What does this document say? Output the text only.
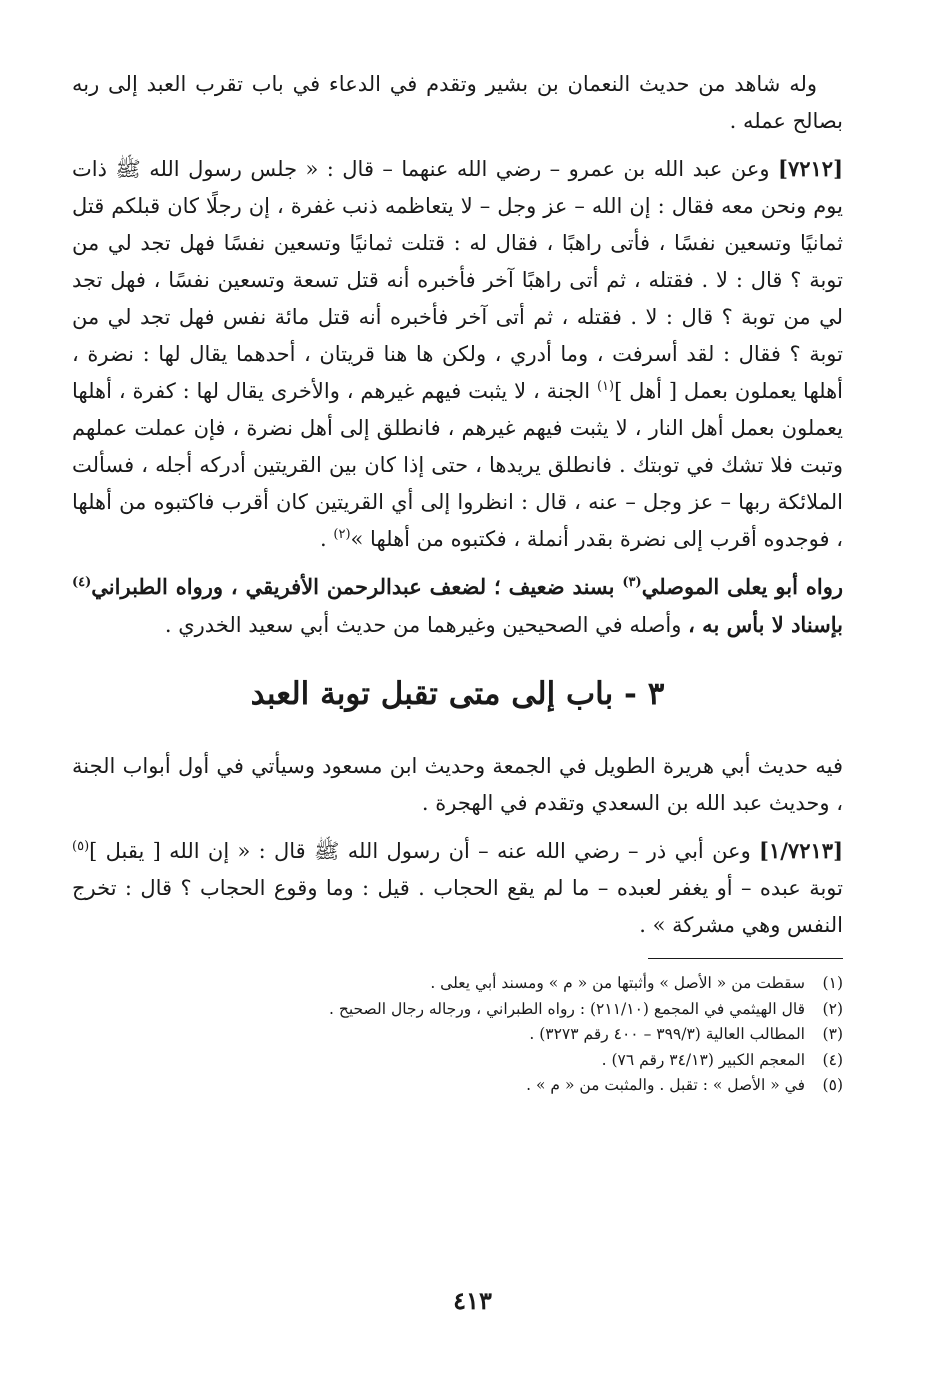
وله شاهد من حديث النعمان بن بشير وتقدم في الدعاء في باب تقرب العبد إلى ربه بصالح عمله .

[٧٢١٢] وعن عبد الله بن عمرو – رضي الله عنهما – قال : « جلس رسول الله ﷺ ذات يوم ونحن معه فقال : إن الله – عز وجل – لا يتعاظمه ذنب غفرة ، إن رجلًا كان قبلكم قتل ثمانيًا وتسعين نفسًا ، فأتى راهبًا ، فقال له : قتلت ثمانيًا وتسعين نفسًا فهل تجد لي من توبة ؟ قال : لا . فقتله ، ثم أتى راهبًا آخر فأخبره أنه قتل تسعة وتسعين نفسًا ، فهل تجد لي من توبة ؟ قال : لا . فقتله ، ثم أتى آخر فأخبره أنه قتل مائة نفس فهل تجد لي من توبة ؟ فقال : لقد أسرفت ، وما أدري ، ولكن ها هنا قريتان ، أحدهما يقال لها : نضرة ، أهلها يعملون بعمل [ أهل ]$^{(١)}$ الجنة ، لا يثبت فيهم غيرهم ، والأخرى يقال لها : كفرة ، أهلها يعملون بعمل أهل النار ، لا يثبت فيهم غيرهم ، فانطلق إلى أهل نضرة ، فإن عملت عملهم وتبت فلا تشك في توبتك . فانطلق يريدها ، حتى إذا كان بين القريتين أدركه أجله ، فسألت الملائكة ربها – عز وجل – عنه ، قال : انظروا إلى أي القريتين كان أقرب فاكتبوه من أهلها ، فوجدوه أقرب إلى نضرة بقدر أنملة ، فكتبوه من أهلها »$^{(٢)}$ .

رواه أبو يعلى الموصلي$^{(٣)}$ بسند ضعيف ؛ لضعف عبدالرحمن الأفريقي ، ورواه الطبراني$^{(٤)}$ بإسناد لا بأس به ، وأصله في الصحيحين وغيرهما من حديث أبي سعيد الخدري .

٣ - باب إلى متى تقبل توبة العبد

فيه حديث أبي هريرة الطويل في الجمعة وحديث ابن مسعود وسيأتي في أول أبواب الجنة ، وحديث عبد الله بن السعدي وتقدم في الهجرة .

[١/٧٢١٣] وعن أبي ذر – رضي الله عنه – أن رسول الله ﷺ قال : « إن الله [ يقبل ]$^{(٥)}$ توبة عبده – أو يغفر لعبده – ما لم يقع الحجاب . قيل : وما وقوع الحجاب ؟ قال : تخرج النفس وهي مشركة » .

(١)
سقطت من « الأصل » وأثبتها من « م » ومسند أبي يعلى .
(٢)
قال الهيثمي في المجمع (٢١١/١٠) : رواه الطبراني ، ورجاله رجال الصحيح .
(٣)
المطالب العالية (٣٩٩/٣ – ٤٠٠ رقم ٣٢٧٣) .
(٤)
المعجم الكبير (٣٤/١٣ رقم ٧٦) .
(٥)
في « الأصل » : تقبل . والمثبت من « م » .
٤١٣
